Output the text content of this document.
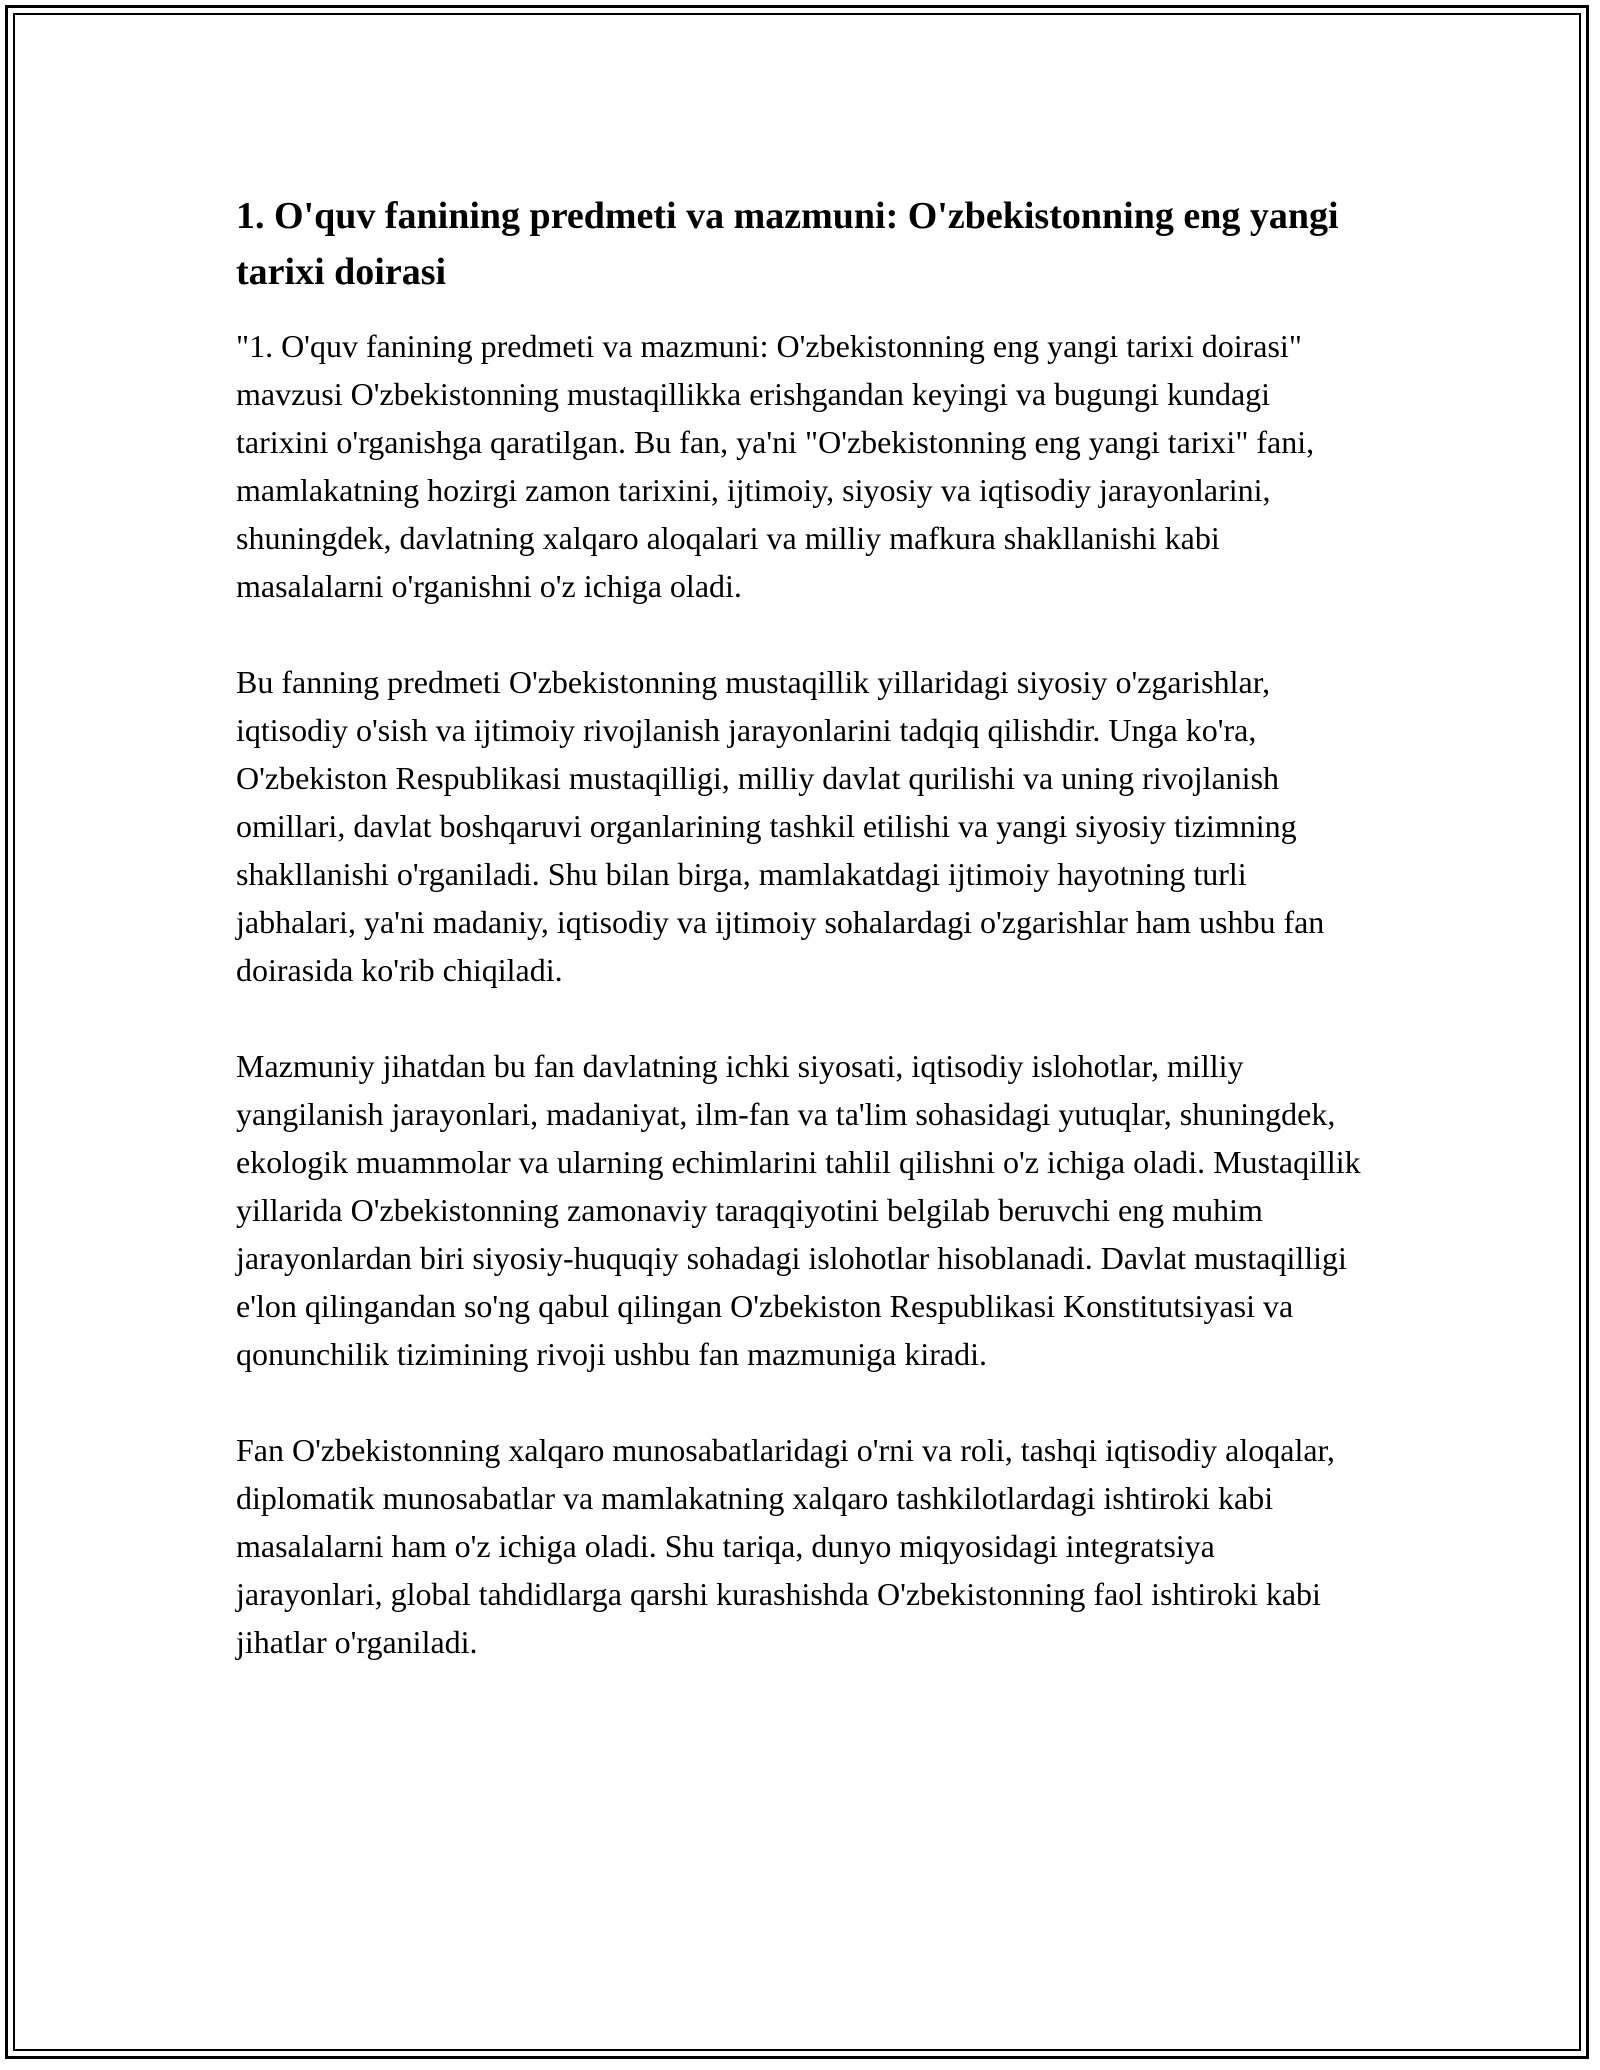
1. O'quv fanining predmeti va mazmuni: O'zbekistonning eng yangi tarixi doirasi

"1. O'quv fanining predmeti va mazmuni: O'zbekistonning eng yangi tarixi doirasi" mavzusi O'zbekistonning mustaqillikka erishgandan keyingi va bugungi kundagi tarixini o'rganishga qaratilgan. Bu fan, ya'ni "O'zbekistonning eng yangi tarixi" fani, mamlakatning hozirgi zamon tarixini, ijtimoiy, siyosiy va iqtisodiy jarayonlarini, shuningdek, davlatning xalqaro aloqalari va milliy mafkura shakllanishi kabi masalalarni o'rganishni o'z ichiga oladi.

Bu fanning predmeti O'zbekistonning mustaqillik yillaridagi siyosiy o'zgarishlar, iqtisodiy o'sish va ijtimoiy rivojlanish jarayonlarini tadqiq qilishdir. Unga ko'ra, O'zbekiston Respublikasi mustaqilligi, milliy davlat qurilishi va uning rivojlanish omillari, davlat boshqaruvi organlarining tashkil etilishi va yangi siyosiy tizimning shakllanishi o'rganiladi. Shu bilan birga, mamlakatdagi ijtimoiy hayotning turli jabhalari, ya'ni madaniy, iqtisodiy va ijtimoiy sohalardagi o'zgarishlar ham ushbu fan doirasida ko'rib chiqiladi.

Mazmuniy jihatdan bu fan davlatning ichki siyosati, iqtisodiy islohotlar, milliy yangilanish jarayonlari, madaniyat, ilm-fan va ta'lim sohasidagi yutuqlar, shuningdek, ekologik muammolar va ularning echimlarini tahlil qilishni o'z ichiga oladi. Mustaqillik yillarida O'zbekistonning zamonaviy taraqqiyotini belgilab beruvchi eng muhim jarayonlardan biri siyosiy-huquqiy sohadagi islohotlar hisoblanadi. Davlat mustaqilligi e'lon qilingandan so'ng qabul qilingan O'zbekiston Respublikasi Konstitutsiyasi va qonunchilik tizimining rivoji ushbu fan mazmuniga kiradi.

Fan O'zbekistonning xalqaro munosabatlaridagi o'rni va roli, tashqi iqtisodiy aloqalar, diplomatik munosabatlar va mamlakatning xalqaro tashkilotlardagi ishtiroki kabi masalalarni ham o'z ichiga oladi. Shu tariqa, dunyo miqyosidagi integratsiya jarayonlari, global tahdidlarga qarshi kurashishda O'zbekistonning faol ishtiroki kabi jihatlar o'rganiladi.
